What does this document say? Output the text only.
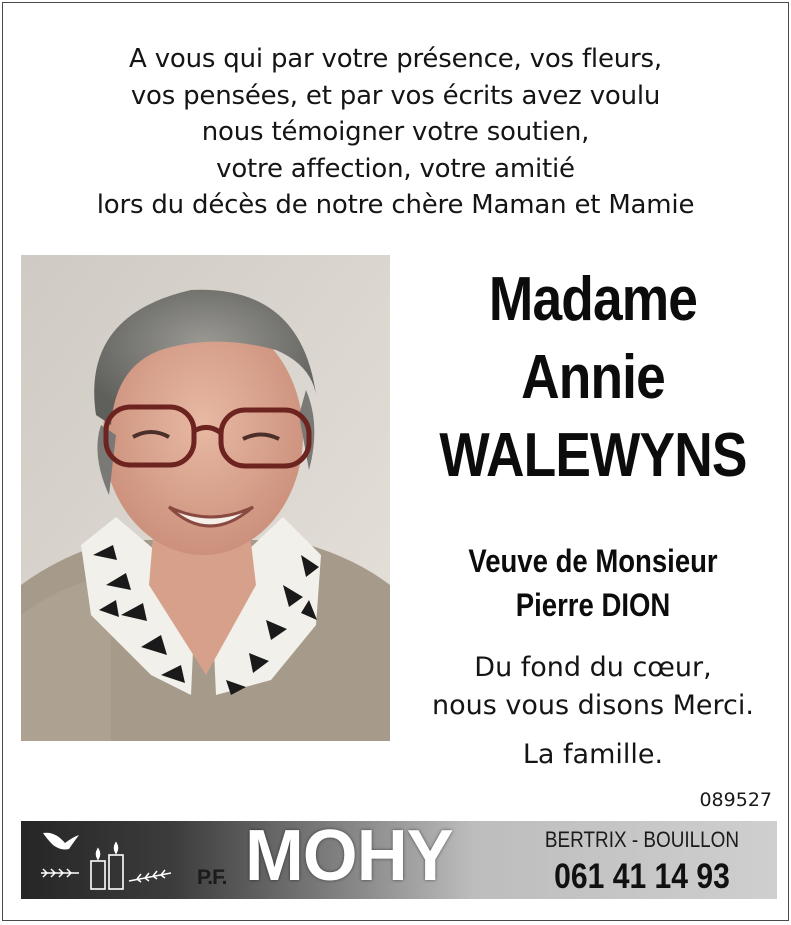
A vous qui par votre présence, vos fleurs,
vos pensées, et par vos écrits avez voulu
nous témoigner votre soutien,
votre affection, votre amitié
lors du décès de notre chère Maman et Mamie
Madame
Annie
WALEWYNS
Veuve de Monsieur
Pierre DION
Du fond du cœur,
nous vous disons Merci.
La famille.
089527
P.F. MOHY	BERTRIX - BOUILLON
061 41 14 93
